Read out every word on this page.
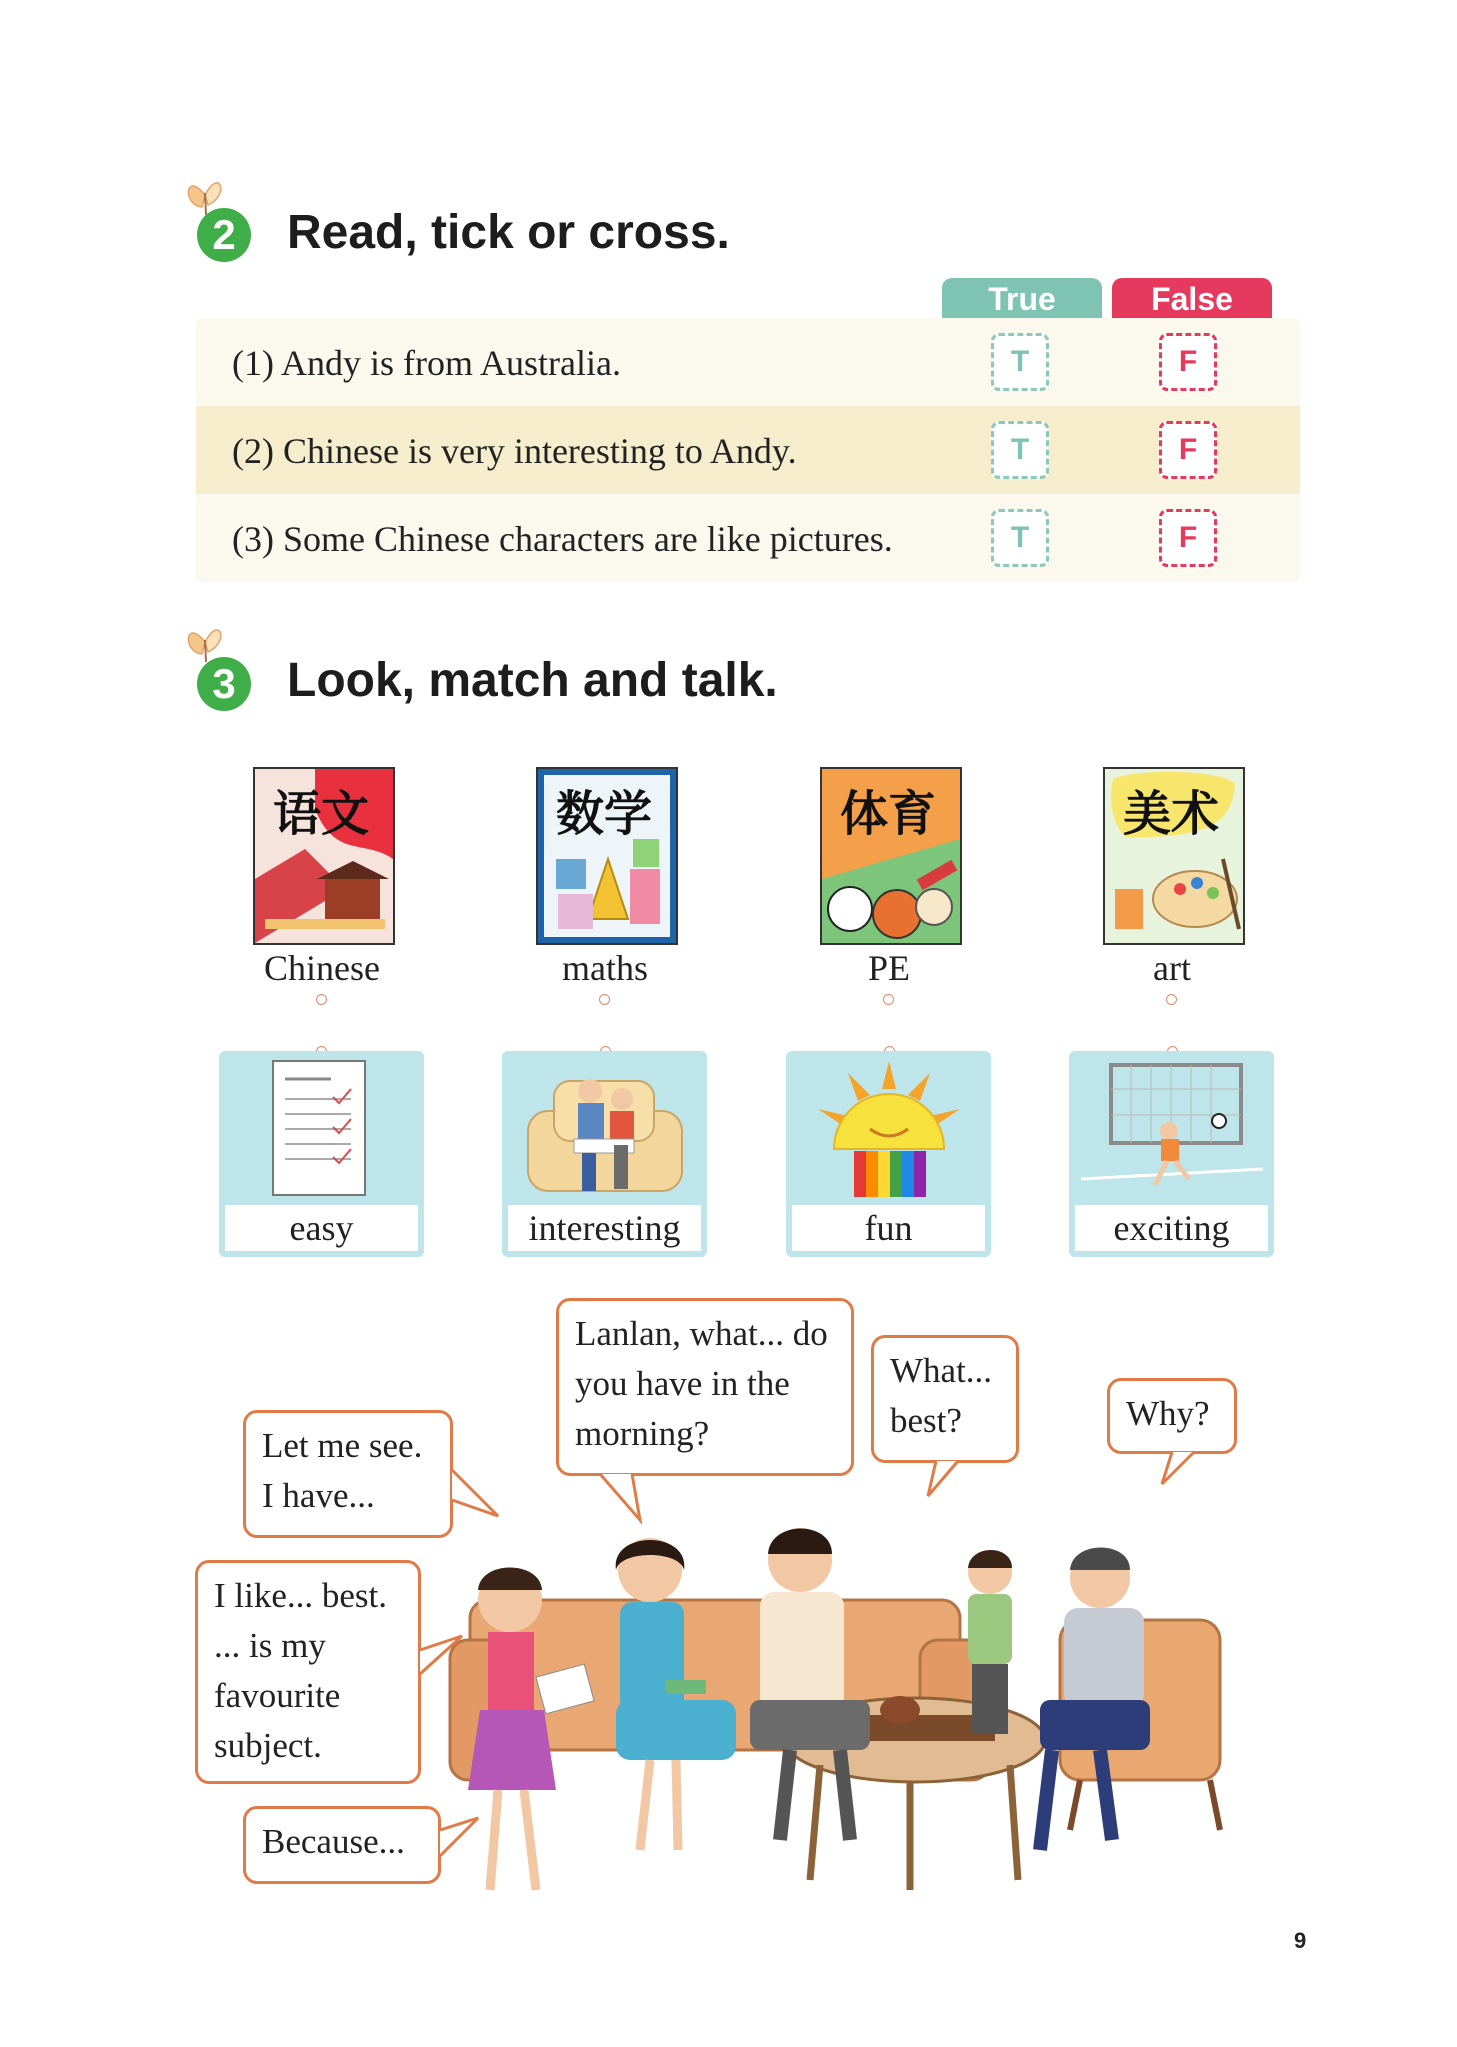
2	Read, tick or cross.
True	False
(1) Andy is from Australia.	T	F
(2) Chinese is very interesting to Andy.	T	F
(3) Some Chinese characters are like pictures.	T	F
3	Look, match and talk.
语文
Chinese
数学
maths
体育
PE
美术
art
easy	interesting	fun	exciting
Lanlan, what... do you have in the morning?
What... best?	Why?
Let me see. I have...
I like... best. ... is my favourite subject.
Because...
9
